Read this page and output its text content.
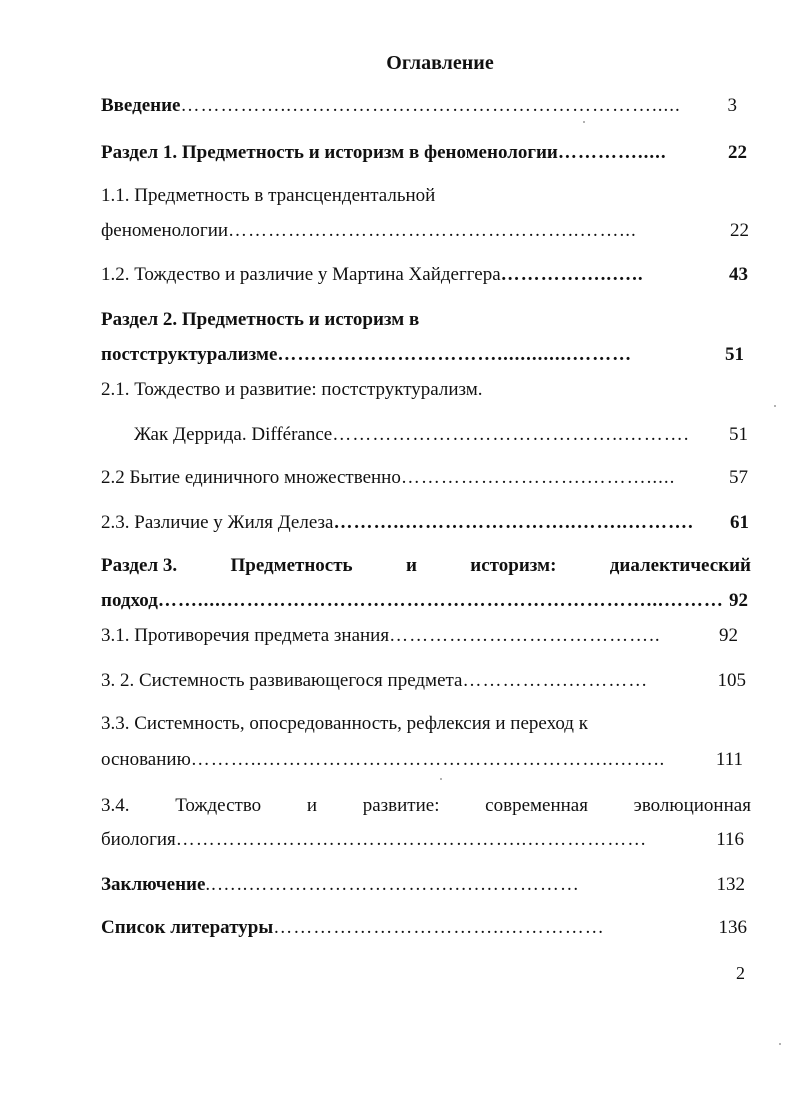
Оглавление
Введение ……………..……………………………………………….....	3
Раздел 1. Предметность и историзм в феноменологии ………….....	22
1.1. Предметность в трансцендентальной
феноменологии ……………………………………………..……...	22
1.2. Тождество и различие у Мартина Хайдеггера ……………..…..	43
Раздел 2. Предметность и историзм в
постструктурализме …………………………….............………	51
2.1. Тождество и развитие: постструктурализм.
Жак Деррида. Différance ……………………………………..……….	51
2.2 Бытие единичного множественно ……………………….……….....	57
2.3. Различие у Жиля Делеза ………..……………………..……..……….	61
Раздел 3.	Предметность	и	историзм:	диалектический
подход …….....………………………………………………………...……… 92
3.1. Противоречия предмета знания …………………………………..	92
3. 2. Системность развивающегося предмета …………….…………	105
3.3. Системность, опосредованность, рефлексия и переход к
основанию ………..……………………………………………..……..	111
3.4. Тождество и развитие: современная эволюционная
биология ……………………………………………..………………	116
Заключение ..…..………………………….….……………	132
Список литературы ……………………………..……………	136
2
